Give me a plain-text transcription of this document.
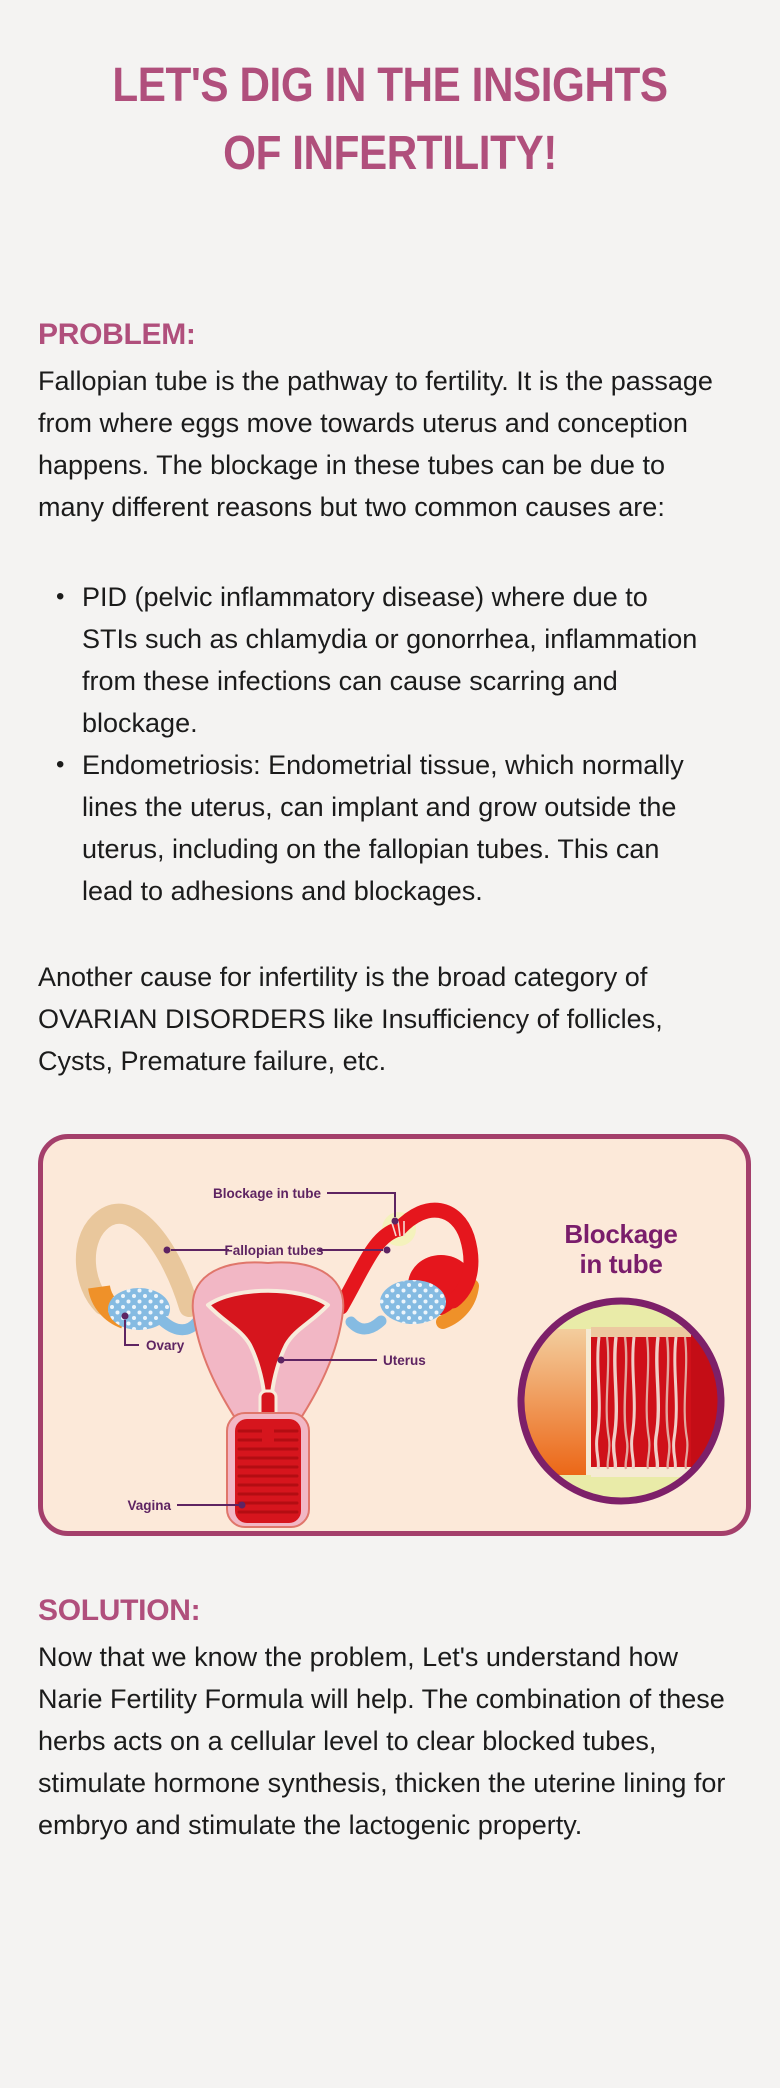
LET'S DIG IN THE INSIGHTS
OF INFERTILITY!
PROBLEM:

Fallopian tube is the pathway to fertility. It is the passage from where eggs move towards uterus and conception happens. The blockage in these tubes can be due to many different reasons but two common causes are:

• PID (pelvic inflammatory disease) where due to STIs such as chlamydia or gonorrhea, inflammation from these infections can cause scarring and blockage.
• Endometriosis: Endometrial tissue, which normally lines the uterus, can implant and grow outside the uterus, including on the fallopian tubes. This can lead to adhesions and blockages.

Another cause for infertility is the broad category of OVARIAN DISORDERS like Insufficiency of follicles, Cysts, Premature failure, etc.

Blockage in tube
Fallopian tubes
Ovary
Uterus
Vagina
Blockage
in tube
SOLUTION:

Now that we know the problem, Let's understand how Narie Fertility Formula will help. The combination of these herbs acts on a cellular level to clear blocked tubes, stimulate hormone synthesis, thicken the uterine lining for embryo and stimulate the lactogenic property.
